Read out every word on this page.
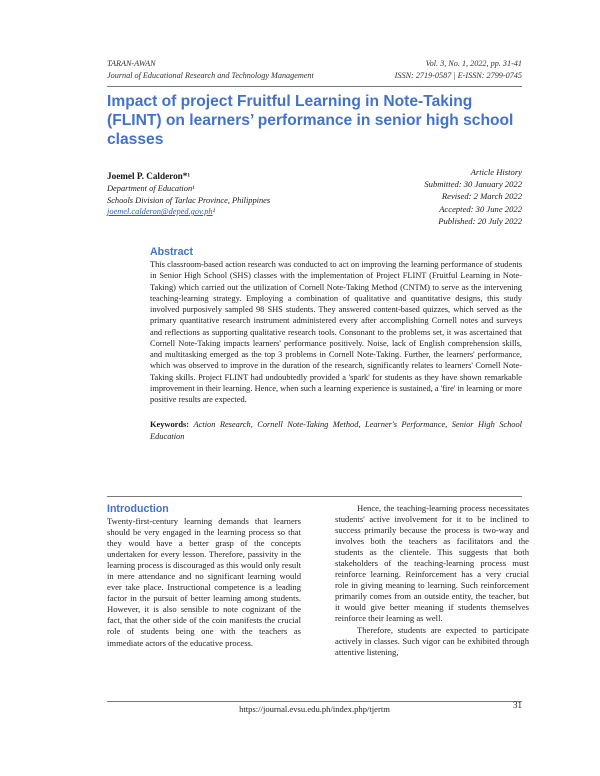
TARAN-AWAN
Journal of Educational Research and Technology Management
Vol. 3, No. 1, 2022, pp. 31-41
ISSN: 2719-0587 | E-ISSN: 2799-0745
Impact of project Fruitful Learning in Note-Taking (FLINT) on learners’ performance in senior high school classes
Joemel P. Calderon*¹
Department of Education¹
Schools Division of Tarlac Province, Philippines
joemel.calderon@deped.gov.ph¹
Article History
Submitted: 30 January 2022
Revised: 2 March 2022
Accepted: 30 June 2022
Published: 20 July 2022
Abstract

This classroom-based action research was conducted to act on improving the learning performance of students in Senior High School (SHS) classes with the implementation of Project FLINT (Fruitful Learning in Note-Taking) which carried out the utilization of Cornell Note-Taking Method (CNTM) to serve as the intervening teaching-learning strategy. Employing a combination of qualitative and quantitative designs, this study involved purposively sampled 98 SHS students. They answered content-based quizzes, which served as the primary quantitative research instrument administered every after accomplishing Cornell notes and surveys and reflections as supporting qualitative research tools. Consonant to the problems set, it was ascertained that Cornell Note-Taking impacts learners' performance positively. Noise, lack of English comprehension skills, and multitasking emerged as the top 3 problems in Cornell Note-Taking. Further, the learners' performance, which was observed to improve in the duration of the research, significantly relates to learners' Cornell Note-Taking skills. Project FLINT had undoubtedly provided a 'spark' for students as they have shown remarkable improvement in their learning. Hence, when such a learning experience is sustained, a 'fire' in learning or more positive results are expected.

Keywords: Action Research, Cornell Note-Taking Method, Learner's Performance, Senior High School Education
Introduction

Twenty-first-century learning demands that learners should be very engaged in the learning process so that they would have a better grasp of the concepts undertaken for every lesson. Therefore, passivity in the learning process is discouraged as this would only result in mere attendance and no significant learning would ever take place. Instructional competence is a leading factor in the pursuit of better learning among students. However, it is also sensible to note cognizant of the fact, that the other side of the coin manifests the crucial role of students being one with the teachers as immediate actors of the educative process.

Hence, the teaching-learning process necessitates students' active involvement for it to be inclined to success primarily because the process is two-way and involves both the teachers as facilitators and the students as the clientele. This suggests that both stakeholders of the teaching-learning process must reinforce learning. Reinforcement has a very crucial role in giving meaning to learning. Such reinforcement primarily comes from an outside entity, the teacher, but it would give better meaning if students themselves reinforce their learning as well.

Therefore, students are expected to participate actively in classes. Such vigor can be exhibited through attentive listening,

https://journal.evsu.edu.ph/index.php/tjertm	31
